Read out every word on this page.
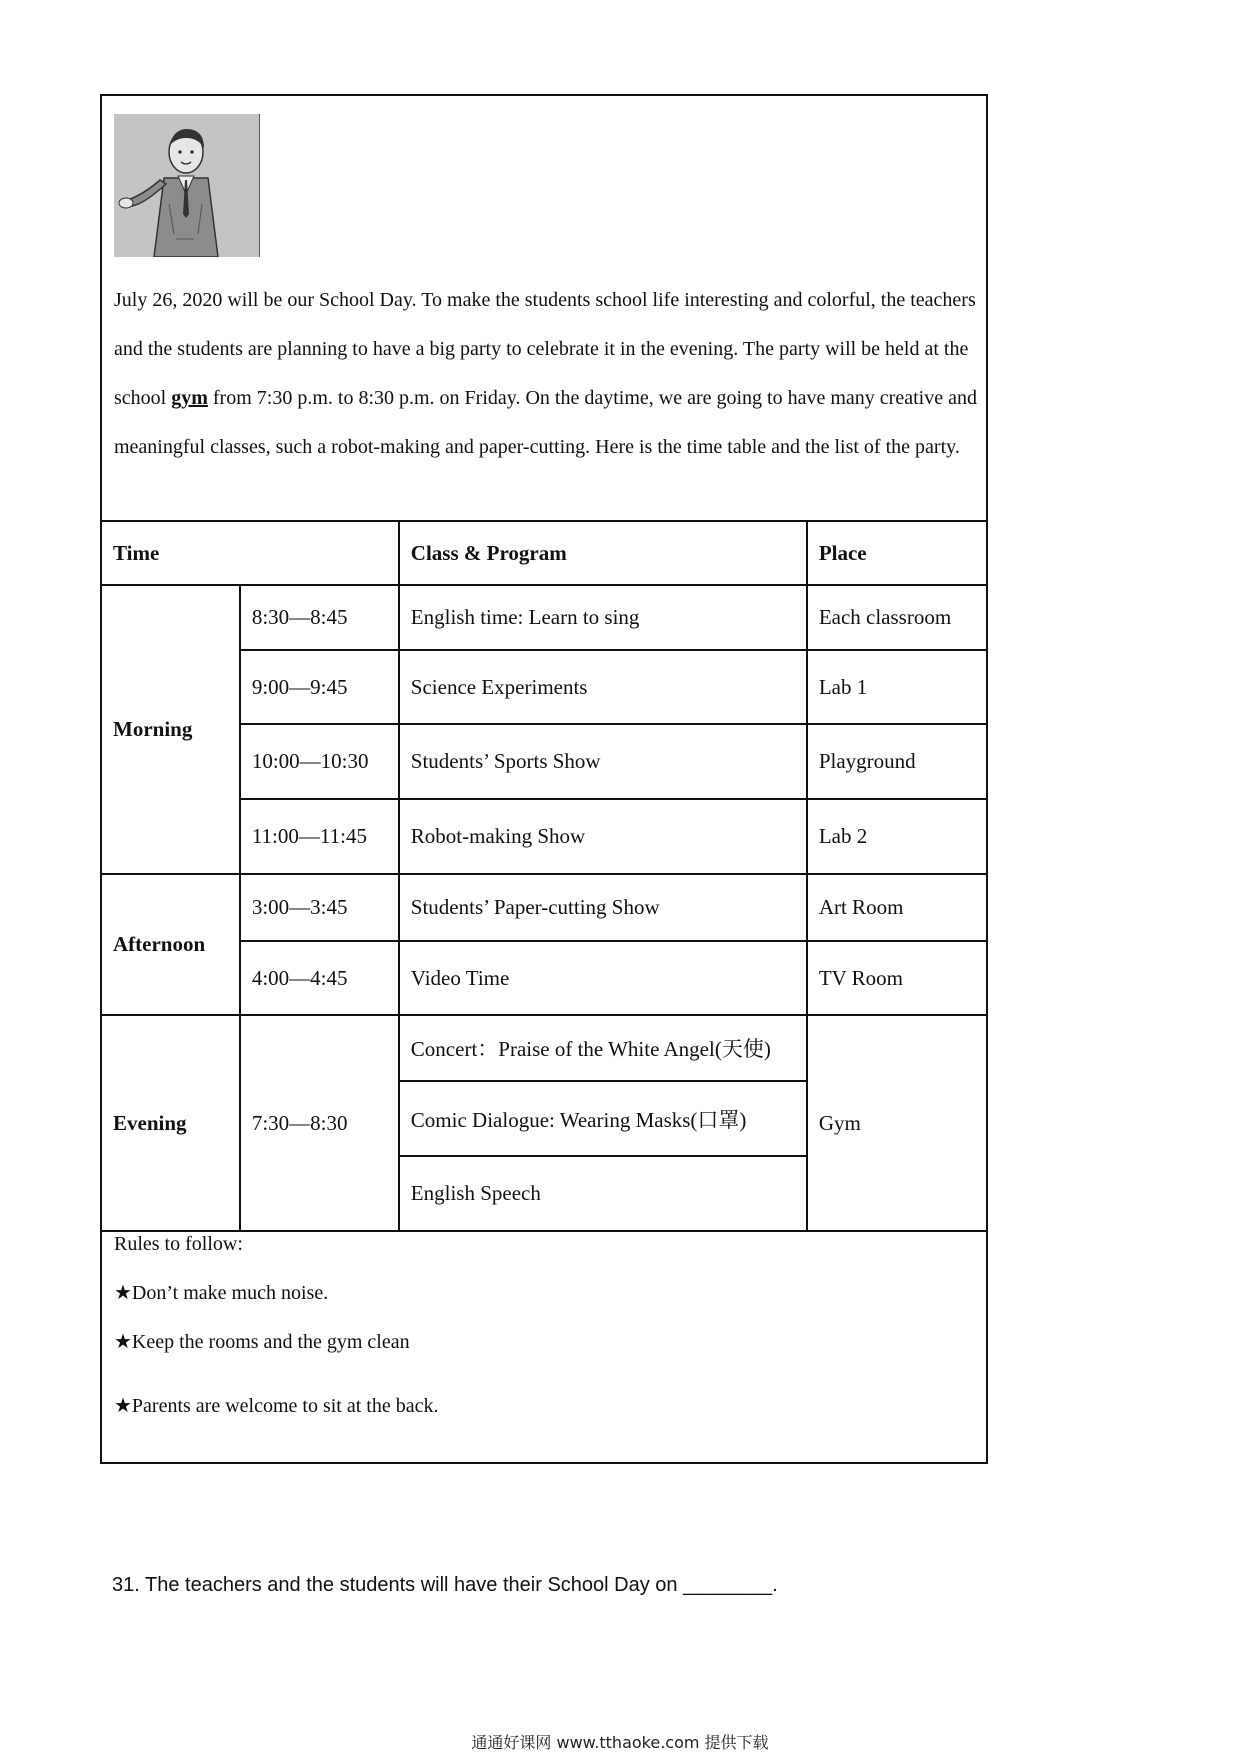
July 26, 2020 will be our School Day. To make the students school life interesting and colorful, the teachers and the students are planning to have a big party to celebrate it in the evening. The party will be held at the school gym from 7:30 p.m. to 8:30 p.m. on Friday. On the daytime, we are going to have many creative and meaningful classes, such a robot-making and paper-cutting. Here is the time table and the list of the party.

Time		Class & Program	Place
Morning	8:30—8:45	English time: Learn to sing	Each classroom
	9:00—9:45	Science Experiments	Lab 1
	10:00—10:30	Students’ Sports Show	Playground
	11:00—11:45	Robot-making Show	Lab 2
Afternoon	3:00—3:45	Students’ Paper-cutting Show	Art Room
	4:00—4:45	Video Time	TV Room
Evening	7:30—8:30	Concert：Praise of the White Angel(天使)	Gym
		Comic Dialogue: Wearing Masks(口罩)	
		English Speech	
Rules to follow:
★Don’t make much noise.
★Keep the rooms and the gym clean
★Parents are welcome to sit at the back.
31. The teachers and the students will have their School Day on ________.
通通好课网 www.tthaoke.com 提供下载
